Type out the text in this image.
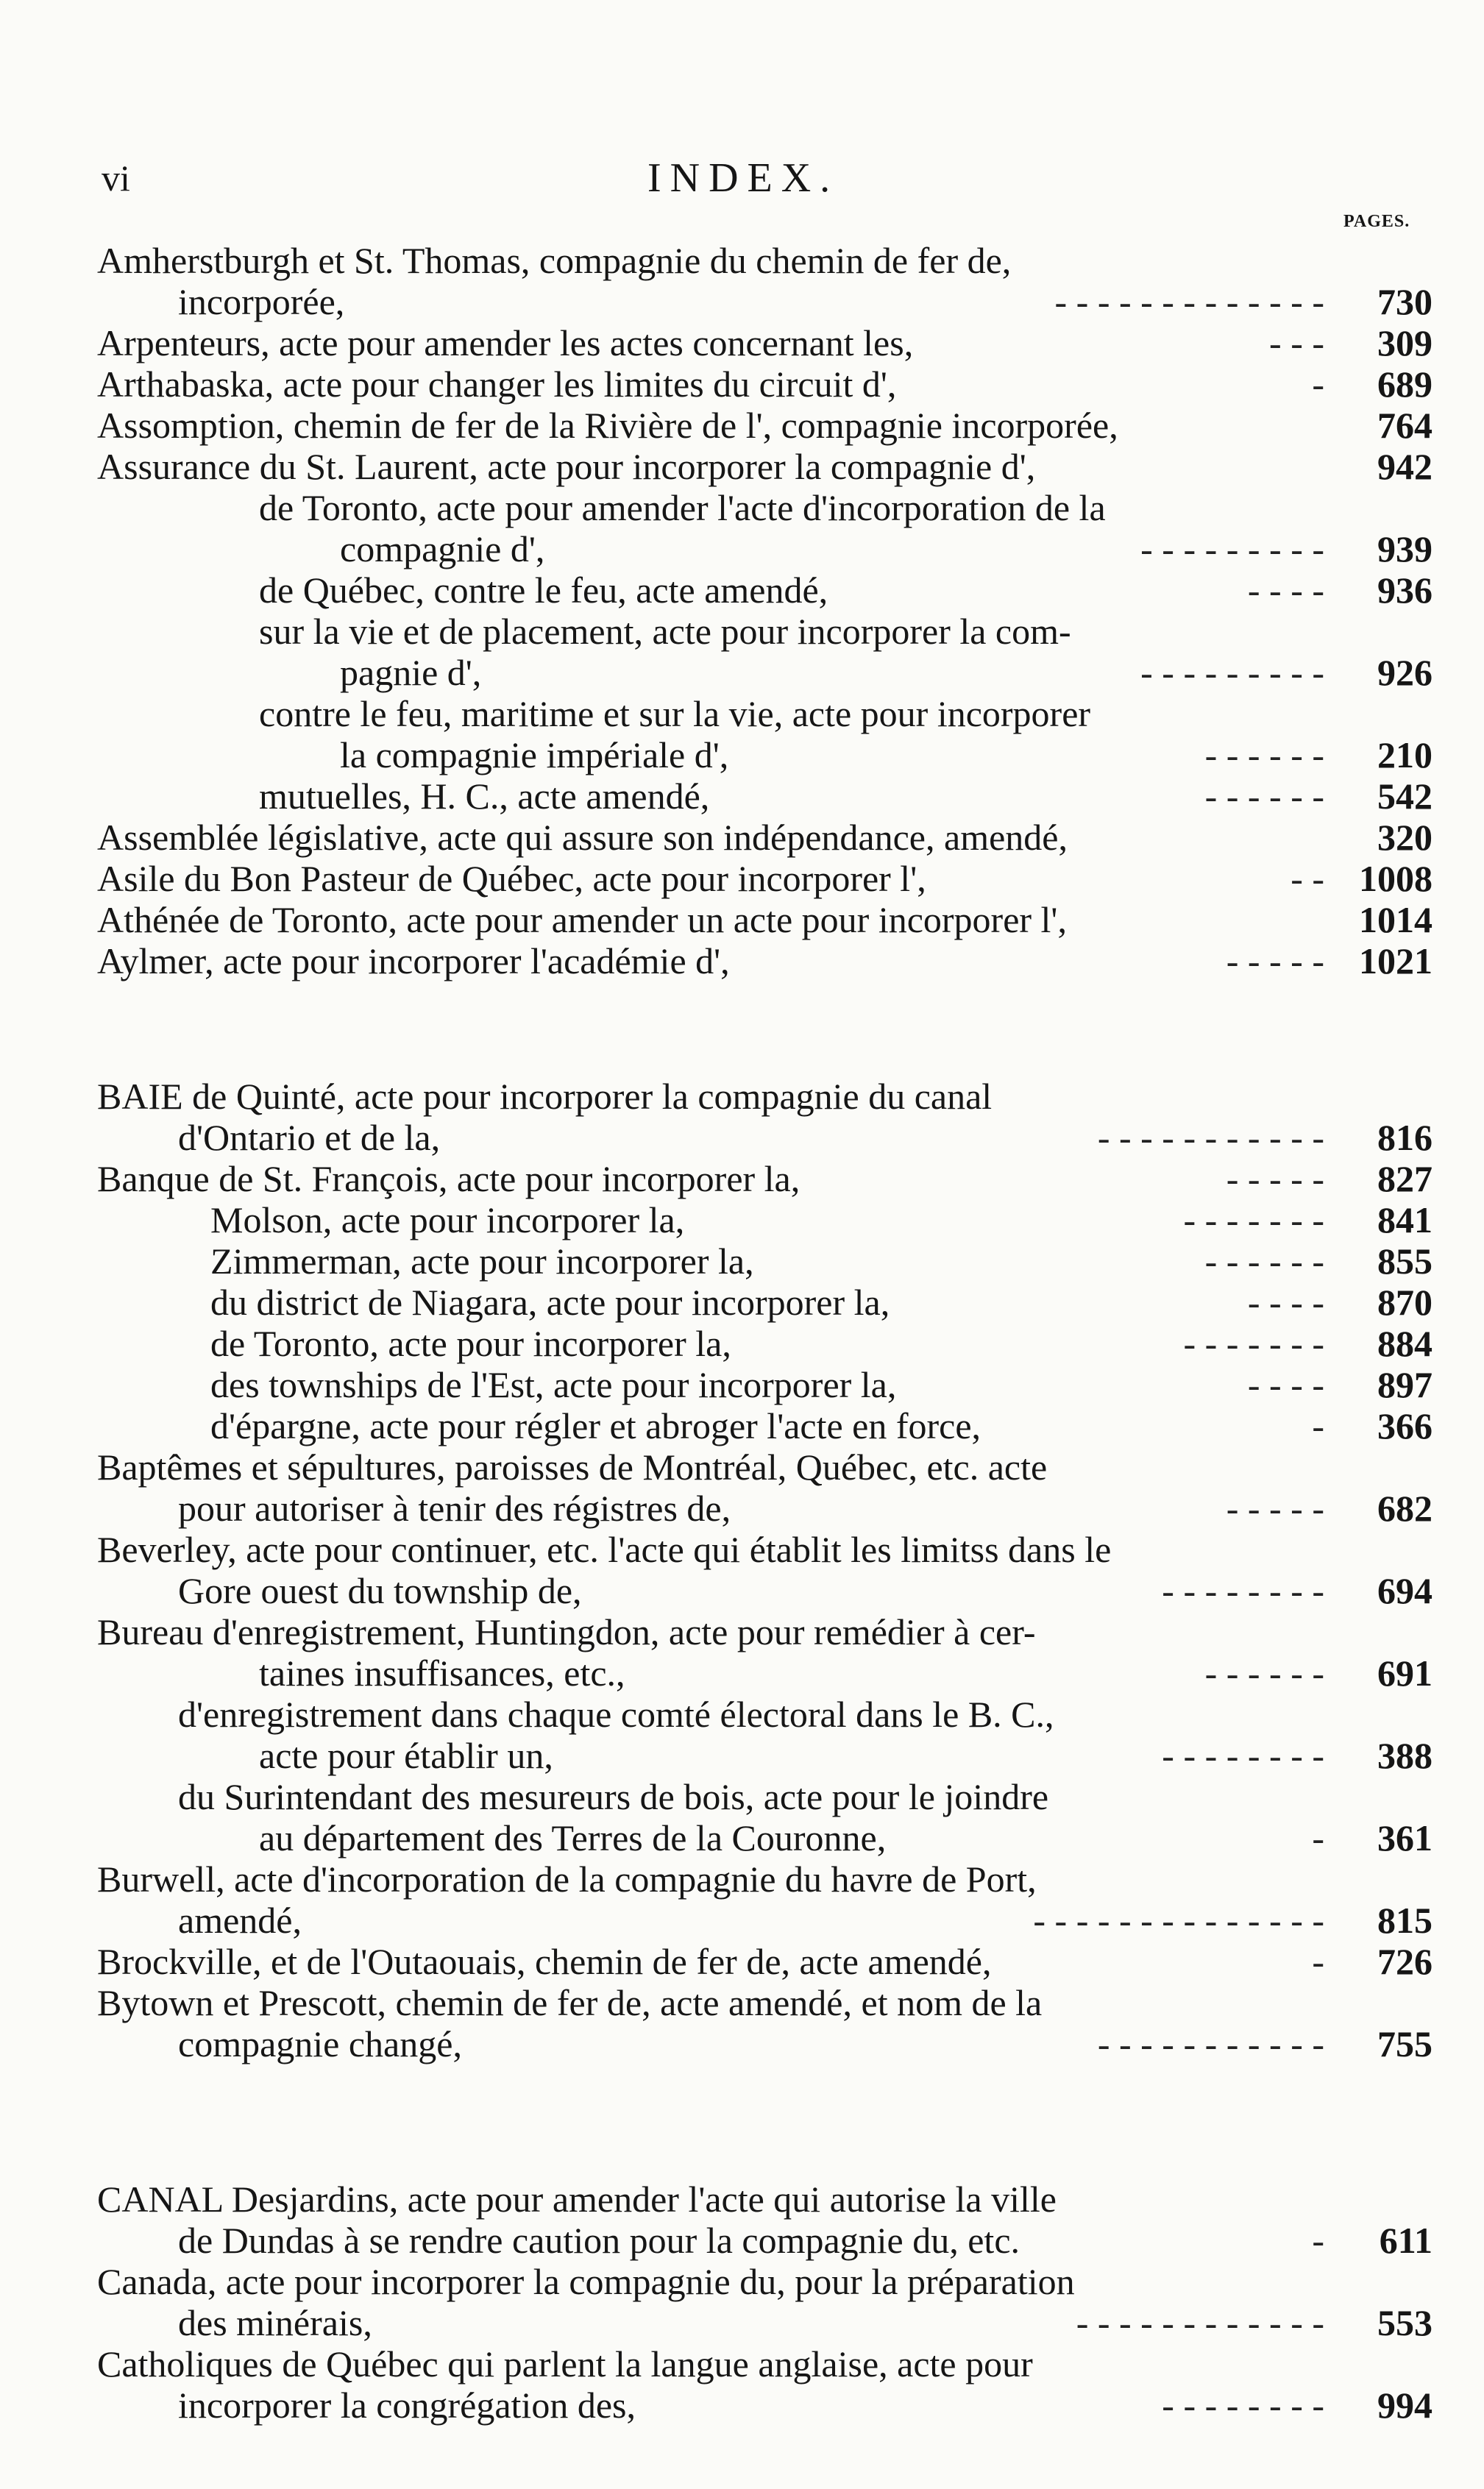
vi	INDEX.
PAGES.
Amherstburgh et St. Thomas, compagnie du chemin de fer de,
incorporée,	- - - - - - - - - - - - -	730
Arpenteurs, acte pour amender les actes concernant les,	- - -	309
Arthabaska, acte pour changer les limites du circuit d',	-	689
Assomption, chemin de fer de la Rivière de l', compagnie incorporée,	764
Assurance du St. Laurent, acte pour incorporer la compagnie d',	942
de Toronto, acte pour amender l'acte d'incorporation de la
compagnie d',	- - - - - - - - -	939
de Québec, contre le feu, acte amendé,	- - - -	936
sur la vie et de placement, acte pour incorporer la com-
pagnie d',	- - - - - - - - -	926
contre le feu, maritime et sur la vie, acte pour incorporer
la compagnie impériale d',	- - - - - -	210
mutuelles, H. C., acte amendé,	- - - - - -	542
Assemblée législative, acte qui assure son indépendance, amendé,	320
Asile du Bon Pasteur de Québec, acte pour incorporer l',	- - 1008
Athénée de Toronto, acte pour amender un acte pour incorporer l',	1014
Aylmer, acte pour incorporer l'académie d',	- - - - - 1021
BAIE de Quinté, acte pour incorporer la compagnie du canal
d'Ontario et de la,	- - - - - - - - - - -	816
Banque de St. François, acte pour incorporer la,	- - - - -	827
Molson, acte pour incorporer la,	- - - - - - -	841
Zimmerman, acte pour incorporer la,	- - - - - -	855
du district de Niagara, acte pour incorporer la,	- - - -	870
de Toronto, acte pour incorporer la,	- - - - - - -	884
des townships de l'Est, acte pour incorporer la,	- - - -	897
d'épargne, acte pour régler et abroger l'acte en force,	-	366
Baptêmes et sépultures, paroisses de Montréal, Québec, etc. acte
pour autoriser à tenir des régistres de,	- - - - -	682
Beverley, acte pour continuer, etc. l'acte qui établit les limitss dans le
Gore ouest du township de,	- - - - - - - -	694
Bureau d'enregistrement, Huntingdon, acte pour remédier à cer-
taines insuffisances, etc.,	- - - - - -	691
d'enregistrement dans chaque comté électoral dans le B. C.,
acte pour établir un,	- - - - - - - -	388
du Surintendant des mesureurs de bois, acte pour le joindre
au département des Terres de la Couronne,	-	361
Burwell, acte d'incorporation de la compagnie du havre de Port,
amendé,	- - - - - - - - - - - - - -	815
Brockville, et de l'Outaouais, chemin de fer de, acte amendé,	-	726
Bytown et Prescott, chemin de fer de, acte amendé, et nom de la
compagnie changé,	- - - - - - - - - - -	755
CANAL Desjardins, acte pour amender l'acte qui autorise la ville
de Dundas à se rendre caution pour la compagnie du, etc.	-	611
Canada, acte pour incorporer la compagnie du, pour la préparation
des minérais,	- - - - - - - - - - - -	553
Catholiques de Québec qui parlent la langue anglaise, acte pour
incorporer la congrégation des,	- - - - - - - -	994
